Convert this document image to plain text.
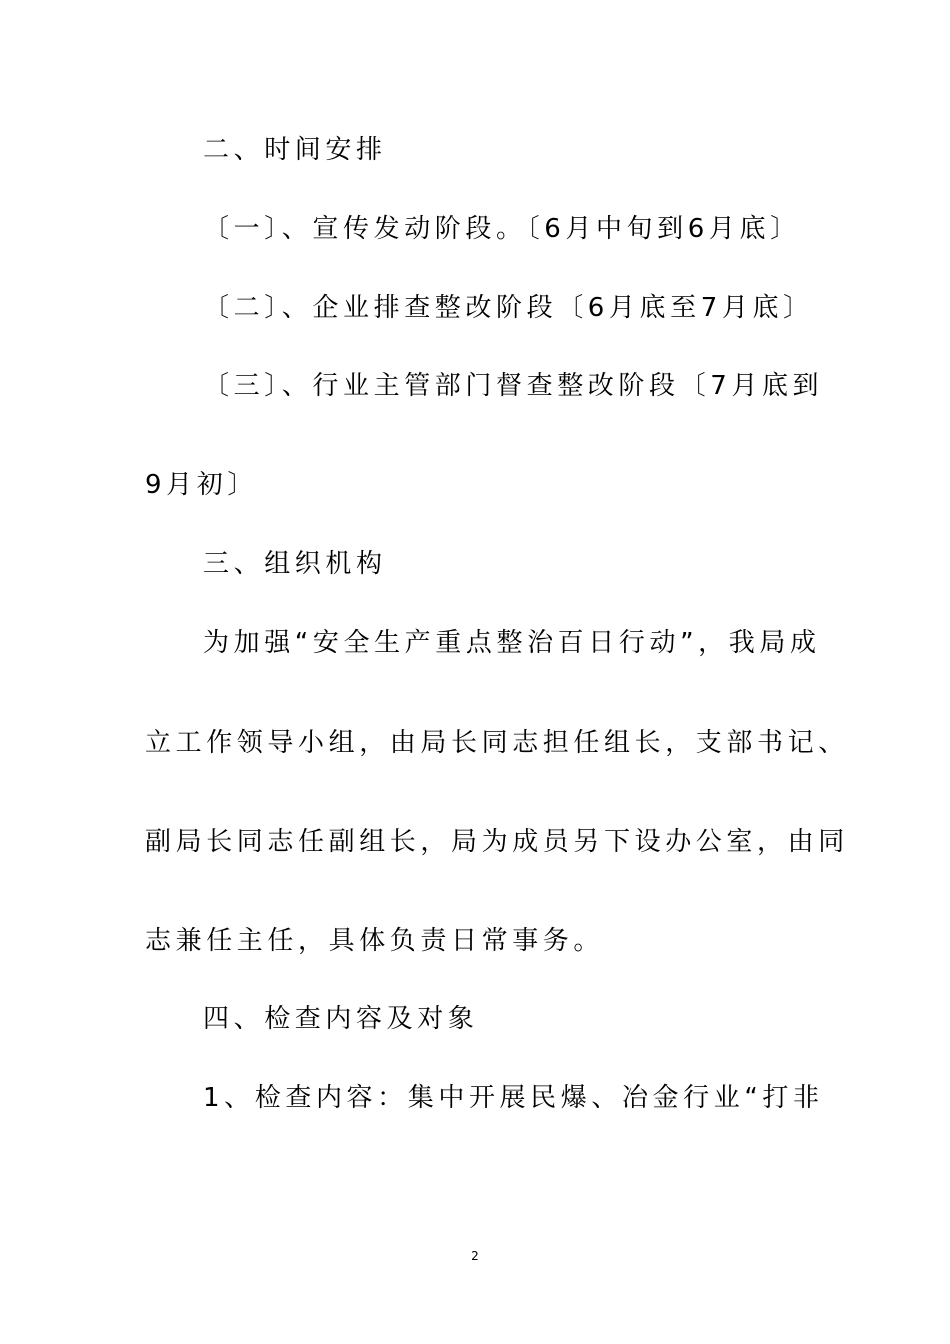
二、时间安排
〔一〕、宣传发动阶段。〔6月中旬到6月底〕
〔二〕、企业排查整改阶段〔6月底至7月底〕
〔三〕、行业主管部门督查整改阶段〔7月底到
9月初〕
三、组织机构
为加强“安全生产重点整治百日行动”，我局成
立工作领导小组，由局长同志担任组长，支部书记、
副局长同志任副组长，局为成员另下设办公室，由同
志兼任主任，具体负责日常事务。
四、检查内容及对象
1、检查内容：集中开展民爆、冶金行业“打非
2
